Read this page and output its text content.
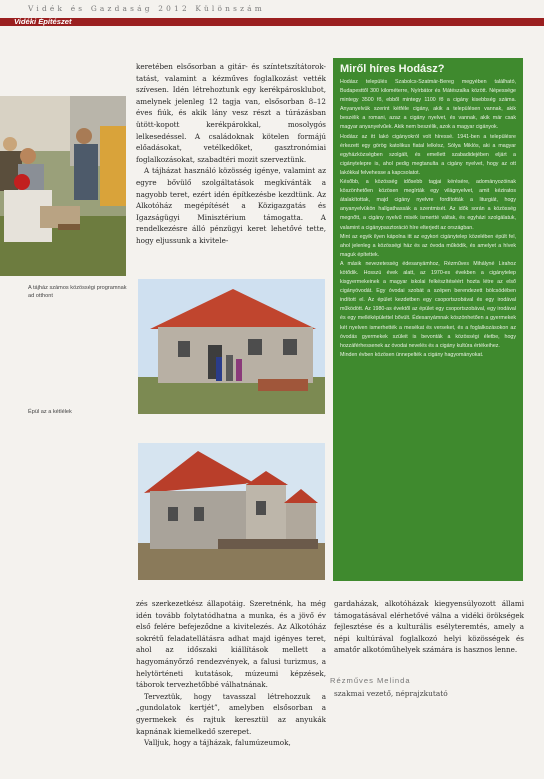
Vidék és Gazdaság 2012 Különszám
Vidéki Építészet
A tájház számos közösségi programnak ad otthont

keretében elsősorban a gitár- és színtetszítátorok-tatást, valamint a kézműves foglalkozást vették szívesen. Idén létrehoztunk egy kerékpárosklubot, amelynek jelenleg 12 tagja van, elsősorban 8–12 éves fiúk, és akik lány vesz részt a túrázásban ütött-kopott kerékpárokkal, mosolygós lelkesedéssel. A családoknak kötelen formájú előadásokat, vetélkedőket, gasztronómiai foglalkozásokat, szabadtéri mozit szerveztünk.

A tájházat használó közösség igénye, valamint az egyre bővülő szolgáltatások megkívánták a nagyobb teret, ezért idén építkezésbe kezdtünk. Az Alkotóház megépítését a Közigazgatás és Igazságügyi Minisztérium támogatta. A rendelkezésre álló pénzügyi keret lehetővé tette, hogy eljussunk a kivitele-

Épül az a kétlélek
Miről híres Hodász?

Hodász település Szabolcs-Szatmár-Bereg megyében található, Budapesttől 300 kilométerre, Nyírbátor és Mátészalka között. Népessége mintegy 3500 fő, ebből mintegy 1100 fő a cigány kisebbség száma. Anyanyelvük szerint kétféle cigány, akik a településen vannak, akik beszélik a romani, azaz a cigány nyelvet, és vannak, akik már csak magyar anyanyelvűek. Akik nem beszélik, azok a magyar cigányok.

Hodász az itt lakó cigányokról volt híressé. 1941-ben a településre érkezett egy görög katolikus fiatal lelkész, Sólya Miklós, aki a magyar egyházközségben szolgált, és emellett szabadidejében eljárt a cigánytelepre is, ahol pedig megtanulta a cigány nyelvet, hogy az ott lakókkal felvehesse a kapcsolatot.

Később, a közösség idősebb tagjai kérésére, adományozóinak köszönhetően közösen megírták egy világnyelvet, amit kéziratos átalakítottak, majd cigány nyelvre fordították a liturgiát, hogy anyanyelvükön hallgathassák a szentmisét. Az idők során a közösség megnőtt, a cigány nyelvű misék ismertté váltak, és egyházi szolgálatuk, valamint a cigánypasztoráció híre elterjedt az országban.

Mint az egyik ilyen kápolna itt az egykori cigánytelep közelében épült fel, ahol jelenleg a közösségi ház és az óvoda működik, és amelyet a hívek maguk építettek.

A másik nevezetesség édesanyámhoz, Rézműves Mihályné Lirahoz kötődik. Hosszú évek alatt, az 1970-es években a cigánytelep kisgyermekeinek a magyar iskolai felkészítéséért hozta létre az első cigányóvodát. Egy óvodai szobát a szépen berendezett bölcsödében indított el. Az épület kezdetben egy csoportszobával és egy irodával működött. Az 1980-as évektől az épület egy csoportszobával, egy irodával és egy melléképülettel bővült. Édesanyámnak köszönhetően a gyermekek két nyelven ismerhették a mesékat és verseket, és a foglalkozásokon az óvodás gyermekek szüleit is bevonták a közösségi életbe, hogy hozzáférhessenek az óvodai nevelés és a cigány kultúra értékeihez.

Minden évben közösen ünnepelték a cigány hagyományokat.

zés szerkezetkész állapotáig. Szeretnénk, ha még idén tovább folytatódhatna a munka, és a jövő év első felére befejeződne a kivitelezés. Az Alkotóház sokrétű feladatellátásra adhat majd igényes teret, ahol az időszaki kiállítások mellett a hagyományőrző rendezvények, a falusi turizmus, a helytörténeti kutatások, múzeumi képzések, táborok tervezhetőbbé válhatnának.

Terveztük, hogy tavasszal létrehozzuk a „gundolatok kertjét”, amelyben elsősorban a gyermekek és rajtuk keresztül az anyukák kapnának kiemelkedő szerepet.

Valljuk, hogy a tájházak, falumúzeumok,

gardaházak, alkotóházak kiegyensúlyozott állami támogatásával elérhetővé válna a vidéki örökségek fejlesztése és a kulturális esélyteremtés, amely a népi kultúrával foglalkozó helyi közösségek és amatőr alkotóműhelyek számára is hasznos lenne.

Rézműves Melinda
szakmai vezető, néprajzkutató
